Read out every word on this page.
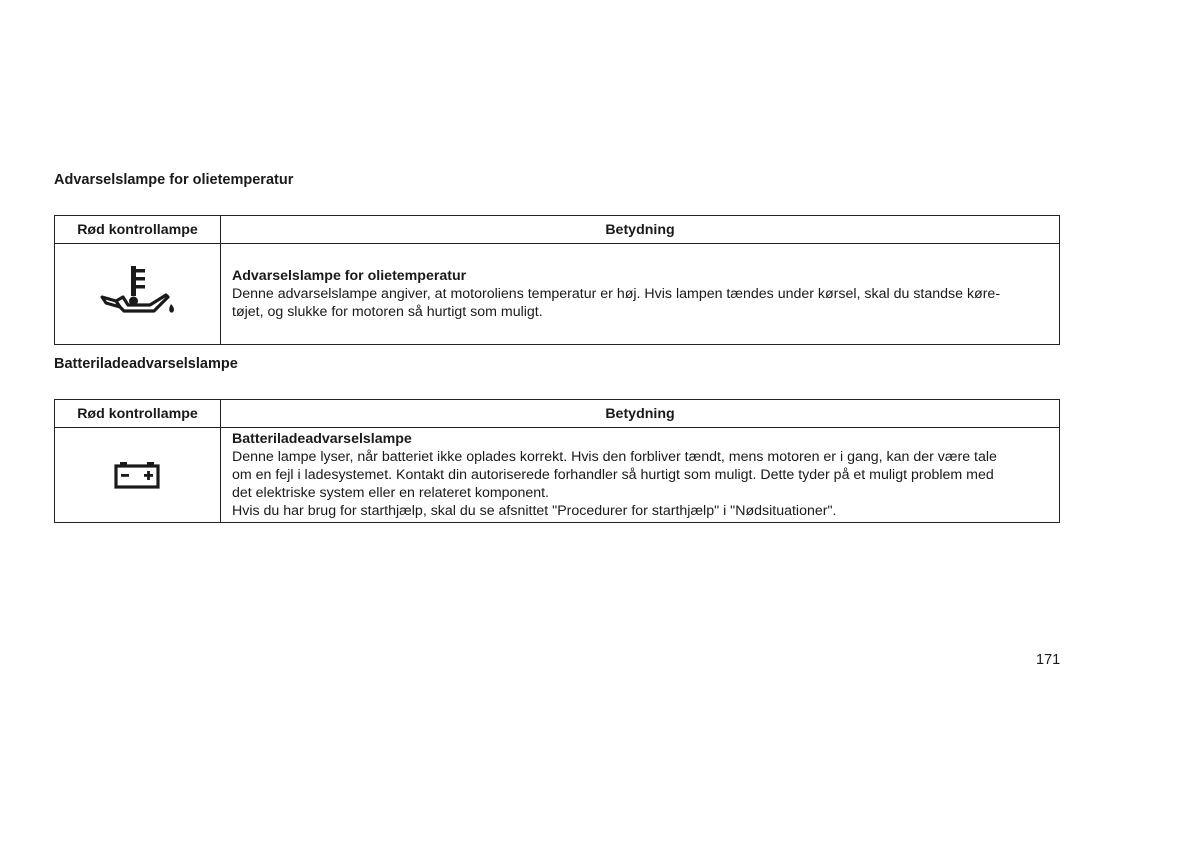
Advarselslampe for olietemperatur
Rød kontrollampe	Betydning

Advarselslampe for olietemperatur
Denne advarselslampe angiver, at motoroliens temperatur er høj. Hvis lampen tændes under kørsel, skal du standse køre-
tøjet, og slukke for motoren så hurtigt som muligt.
Batteriladeadvarselslampe
Rød kontrollampe	Betydning

Batteriladeadvarselslampe
Denne lampe lyser, når batteriet ikke oplades korrekt. Hvis den forbliver tændt, mens motoren er i gang, kan der være tale
om en fejl i ladesystemet. Kontakt din autoriserede forhandler så hurtigt som muligt. Dette tyder på et muligt problem med
det elektriske system eller en relateret komponent.
Hvis du har brug for starthjælp, skal du se afsnittet "Procedurer for starthjælp" i "Nødsituationer".
171
